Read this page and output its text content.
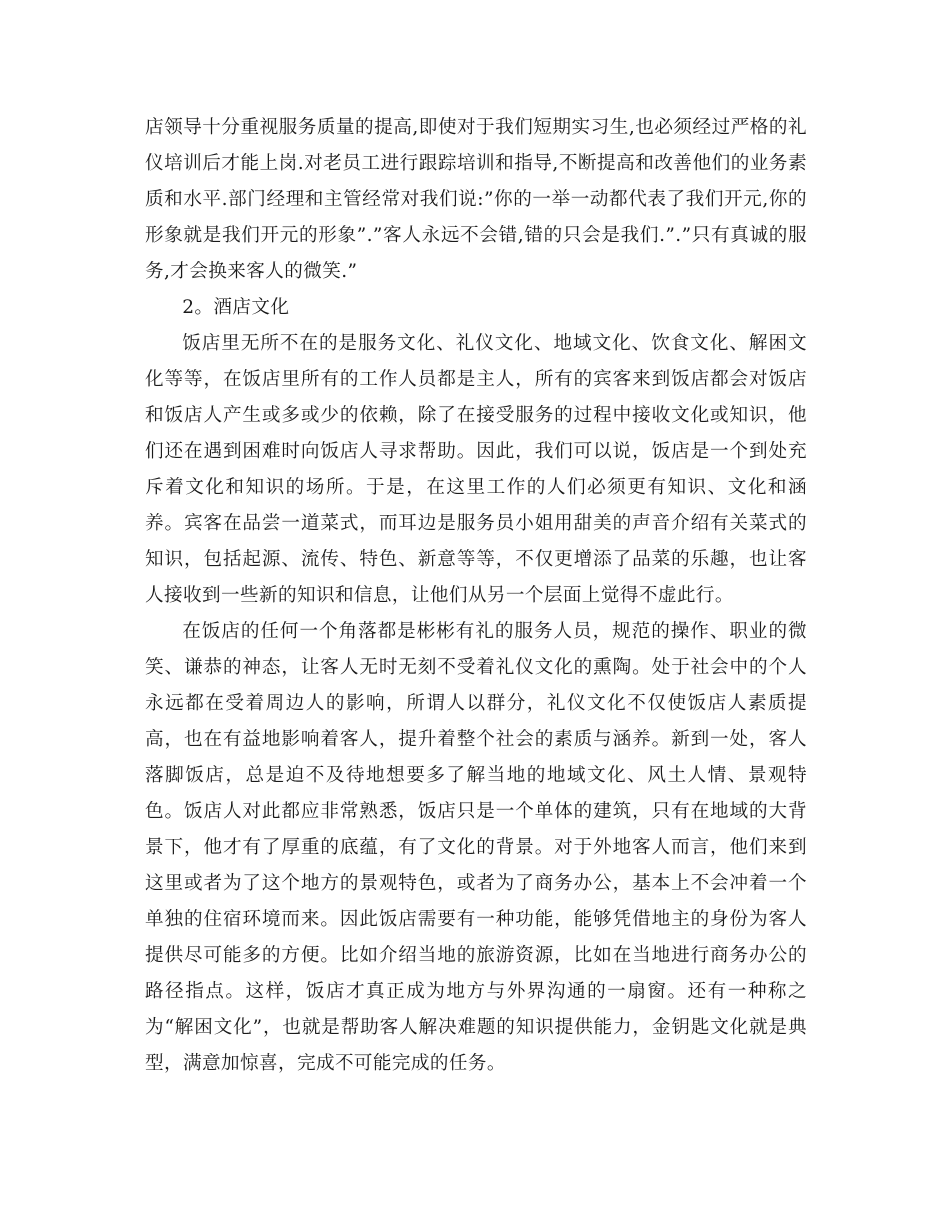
店领导十分重视服务质量的提高,即使对于我们短期实习生,也必须经过严格的礼仪培训后才能上岗.对老员工进行跟踪培训和指导,不断提高和改善他们的业务素质和水平.部门经理和主管经常对我们说:”你的一举一动都代表了我们开元,你的形象就是我们开元的形象”.”客人永远不会错,错的只会是我们.”.”只有真诚的服务,才会换来客人的微笑.”

2。酒店文化

饭店里无所不在的是服务文化、礼仪文化、地域文化、饮食文化、解困文化等等，在饭店里所有的工作人员都是主人，所有的宾客来到饭店都会对饭店和饭店人产生或多或少的依赖，除了在接受服务的过程中接收文化或知识，他们还在遇到困难时向饭店人寻求帮助。因此，我们可以说，饭店是一个到处充斥着文化和知识的场所。于是，在这里工作的人们必须更有知识、文化和涵养。宾客在品尝一道菜式，而耳边是服务员小姐用甜美的声音介绍有关菜式的知识，包括起源、流传、特色、新意等等，不仅更增添了品菜的乐趣，也让客人接收到一些新的知识和信息，让他们从另一个层面上觉得不虚此行。

在饭店的任何一个角落都是彬彬有礼的服务人员，规范的操作、职业的微笑、谦恭的神态，让客人无时无刻不受着礼仪文化的熏陶。处于社会中的个人永远都在受着周边人的影响，所谓人以群分，礼仪文化不仅使饭店人素质提高，也在有益地影响着客人，提升着整个社会的素质与涵养。新到一处，客人落脚饭店，总是迫不及待地想要多了解当地的地域文化、风土人情、景观特色。饭店人对此都应非常熟悉，饭店只是一个单体的建筑，只有在地域的大背景下，他才有了厚重的底蕴，有了文化的背景。对于外地客人而言，他们来到这里或者为了这个地方的景观特色，或者为了商务办公，基本上不会冲着一个单独的住宿环境而来。因此饭店需要有一种功能，能够凭借地主的身份为客人提供尽可能多的方便。比如介绍当地的旅游资源，比如在当地进行商务办公的路径指点。这样，饭店才真正成为地方与外界沟通的一扇窗。还有一种称之为“解困文化”，也就是帮助客人解决难题的知识提供能力，金钥匙文化就是典型，满意加惊喜，完成不可能完成的任务。
